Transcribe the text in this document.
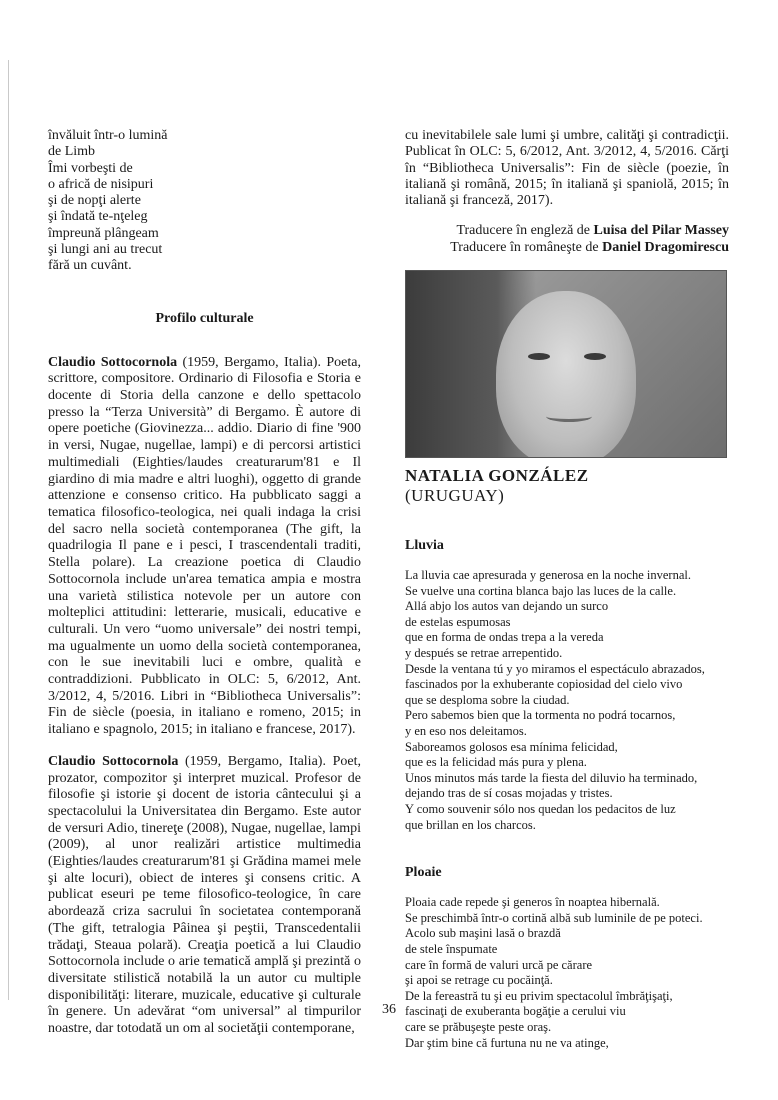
învăluit într-o lumină
de Limb
Îmi vorbeşti de
o africă de nisipuri
şi de nopţi alerte
şi îndată te-nţeleg
împreună plângeam
şi lungi ani au trecut
fără un cuvânt.
Profilo culturale

Claudio Sottocornola (1959, Bergamo, Italia). Poeta, scrittore, compositore. Ordinario di Filosofia e Storia e docente di Storia della canzone e dello spettacolo presso la “Terza Università” di Bergamo. È autore di opere poetiche (Giovinezza... addio. Diario di fine '900 in versi, Nugae, nugellae, lampi) e di percorsi artistici multimediali (Eighties/laudes creaturarum'81 e Il giardino di mia madre e altri luoghi), oggetto di grande attenzione e consenso critico. Ha pubblicato saggi a tematica filosofico-teologica, nei quali indaga la crisi del sacro nella società contemporanea (The gift, la quadrilogia Il pane e i pesci, I trascendentali traditi, Stella polare). La creazione poetica di Claudio Sottocornola include un'area tematica ampia e mostra una varietà stilistica notevole per un autore con molteplici attitudini: letterarie, musicali, educative e culturali. Un vero “uomo universale” dei nostri tempi, ma ugualmente un uomo della società contemporanea, con le sue inevitabili luci e ombre, qualità e contraddizioni. Pubblicato in OLC: 5, 6/2012, Ant. 3/2012, 4, 5/2016. Libri in “Bibliotheca Universalis”: Fin de siècle (poesia, in italiano e romeno, 2015; in italiano e spagnolo, 2015; in italiano e francese, 2017).

Claudio Sottocornola (1959, Bergamo, Italia). Poet, prozator, compozitor şi interpret muzical. Profesor de filosofie şi istorie şi docent de istoria cântecului şi a spectacolului la Universitatea din Bergamo. Este autor de versuri Adio, tinereţe (2008), Nugae, nugellae, lampi (2009), al unor realizări artistice multimedia (Eighties/laudes creaturarum'81 şi Grădina mamei mele şi alte locuri), obiect de interes şi consens critic. A publicat eseuri pe teme filosofico-teologice, în care abordează criza sacrului în societatea contemporană (The gift, tetralogia Pâinea şi peştii, Transcedentalii trădaţi, Steaua polară). Creaţia poetică a lui Claudio Sottocornola include o arie tematică amplă şi prezintă o diversitate stilistică notabilă la un autor cu multiple disponibilităţi: literare, muzicale, educative şi culturale în genere. Un adevărat “om universal” al timpurilor noastre, dar totodată un om al societăţii contemporane,

cu inevitabilele sale lumi şi umbre, calităţi şi contradicţii. Publicat în OLC: 5, 6/2012, Ant. 3/2012, 4, 5/2016. Cărţi în “Bibliotheca Universalis”: Fin de siècle (poezie, în italiană şi română, 2015; în italiană şi spaniolă, 2015; în italiană şi franceză, 2017).

Traducere în engleză de Luisa del Pilar Massey
Traducere în româneşte de Daniel Dragomirescu
NATALIA GONZÁLEZ
(URUGUAY)
Lluvia
La lluvia cae apresurada y generosa en la noche invernal.
Se vuelve una cortina blanca bajo las luces de la calle.
Allá abjo los autos van dejando un surco
de estelas espumosas
que en forma de ondas trepa a la vereda
y después se retrae arrepentido.
Desde la ventana tú y yo miramos el espectáculo abrazados,
fascinados por la exhuberante copiosidad del cielo vivo
que se desploma sobre la ciudad.
Pero sabemos bien que la tormenta no podrá tocarnos,
y en eso nos deleitamos.
Saboreamos golosos esa mínima felicidad,
que es la felicidad más pura y plena.
Unos minutos más tarde la fiesta del diluvio ha terminado,
dejando tras de sí cosas mojadas y tristes.
Y como souvenir sólo nos quedan los pedacitos de luz
que brillan en los charcos.
Ploaie
Ploaia cade repede şi generos în noaptea hibernală.
Se preschimbă într-o cortină albă sub luminile de pe poteci.
Acolo sub maşini lasă o brazdă
de stele înspumate
care în formă de valuri urcă pe cărare
şi apoi se retrage cu pocăinţă.
De la fereastră tu şi eu privim spectacolul îmbrăţişaţi,
fascinaţi de exuberanta bogăţie a cerului viu
care se prăbuşeşte peste oraş.
Dar ştim bine că furtuna nu ne va atinge,
36
